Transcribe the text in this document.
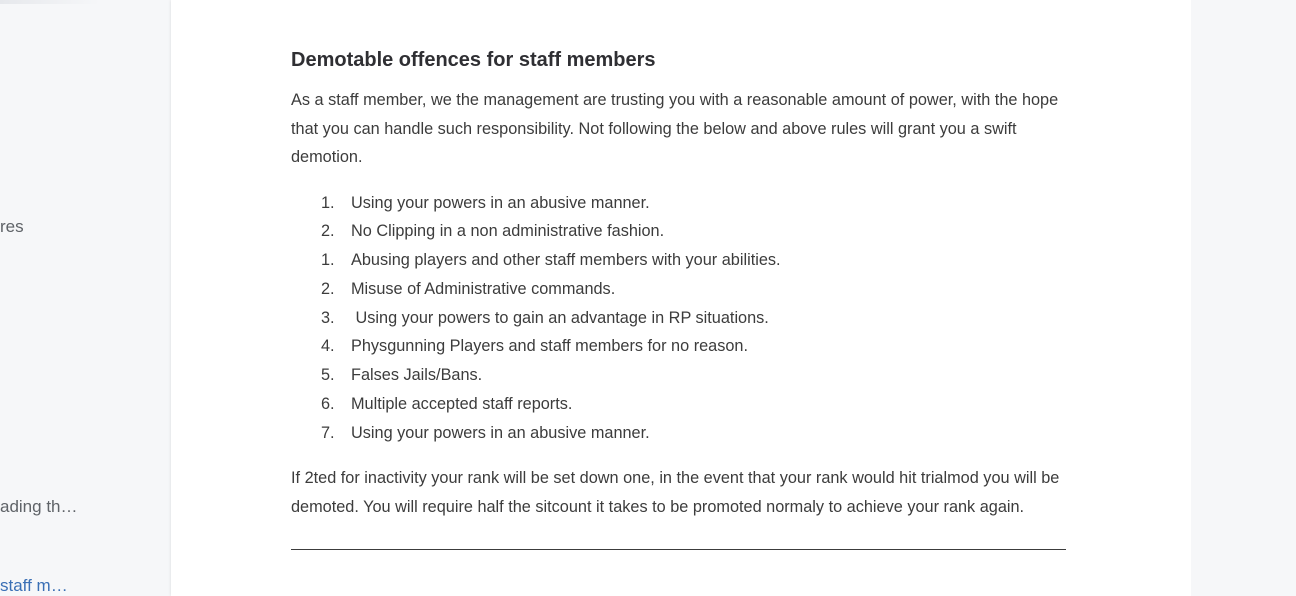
res
ading th…
staff m…
Demotable offences for staff members

As a staff member, we the management are trusting you with a reasonable amount of power, with the hope that you can handle such responsibility. Not following the below and above rules will grant you a swift demotion.

1. Using your powers in an abusive manner.
2. No Clipping in a non administrative fashion.
1. Abusing players and other staff members with your abilities.
2. Misuse of Administrative commands.
3. Using your powers to gain an advantage in RP situations.
4. Physgunning Players and staff members for no reason.
5. Falses Jails/Bans.
6. Multiple accepted staff reports.
7. Using your powers in an abusive manner.

If 2ted for inactivity your rank will be set down one, in the event that your rank would hit trialmod you will be demoted. You will require half the sitcount it takes to be promoted normaly to achieve your rank again.
